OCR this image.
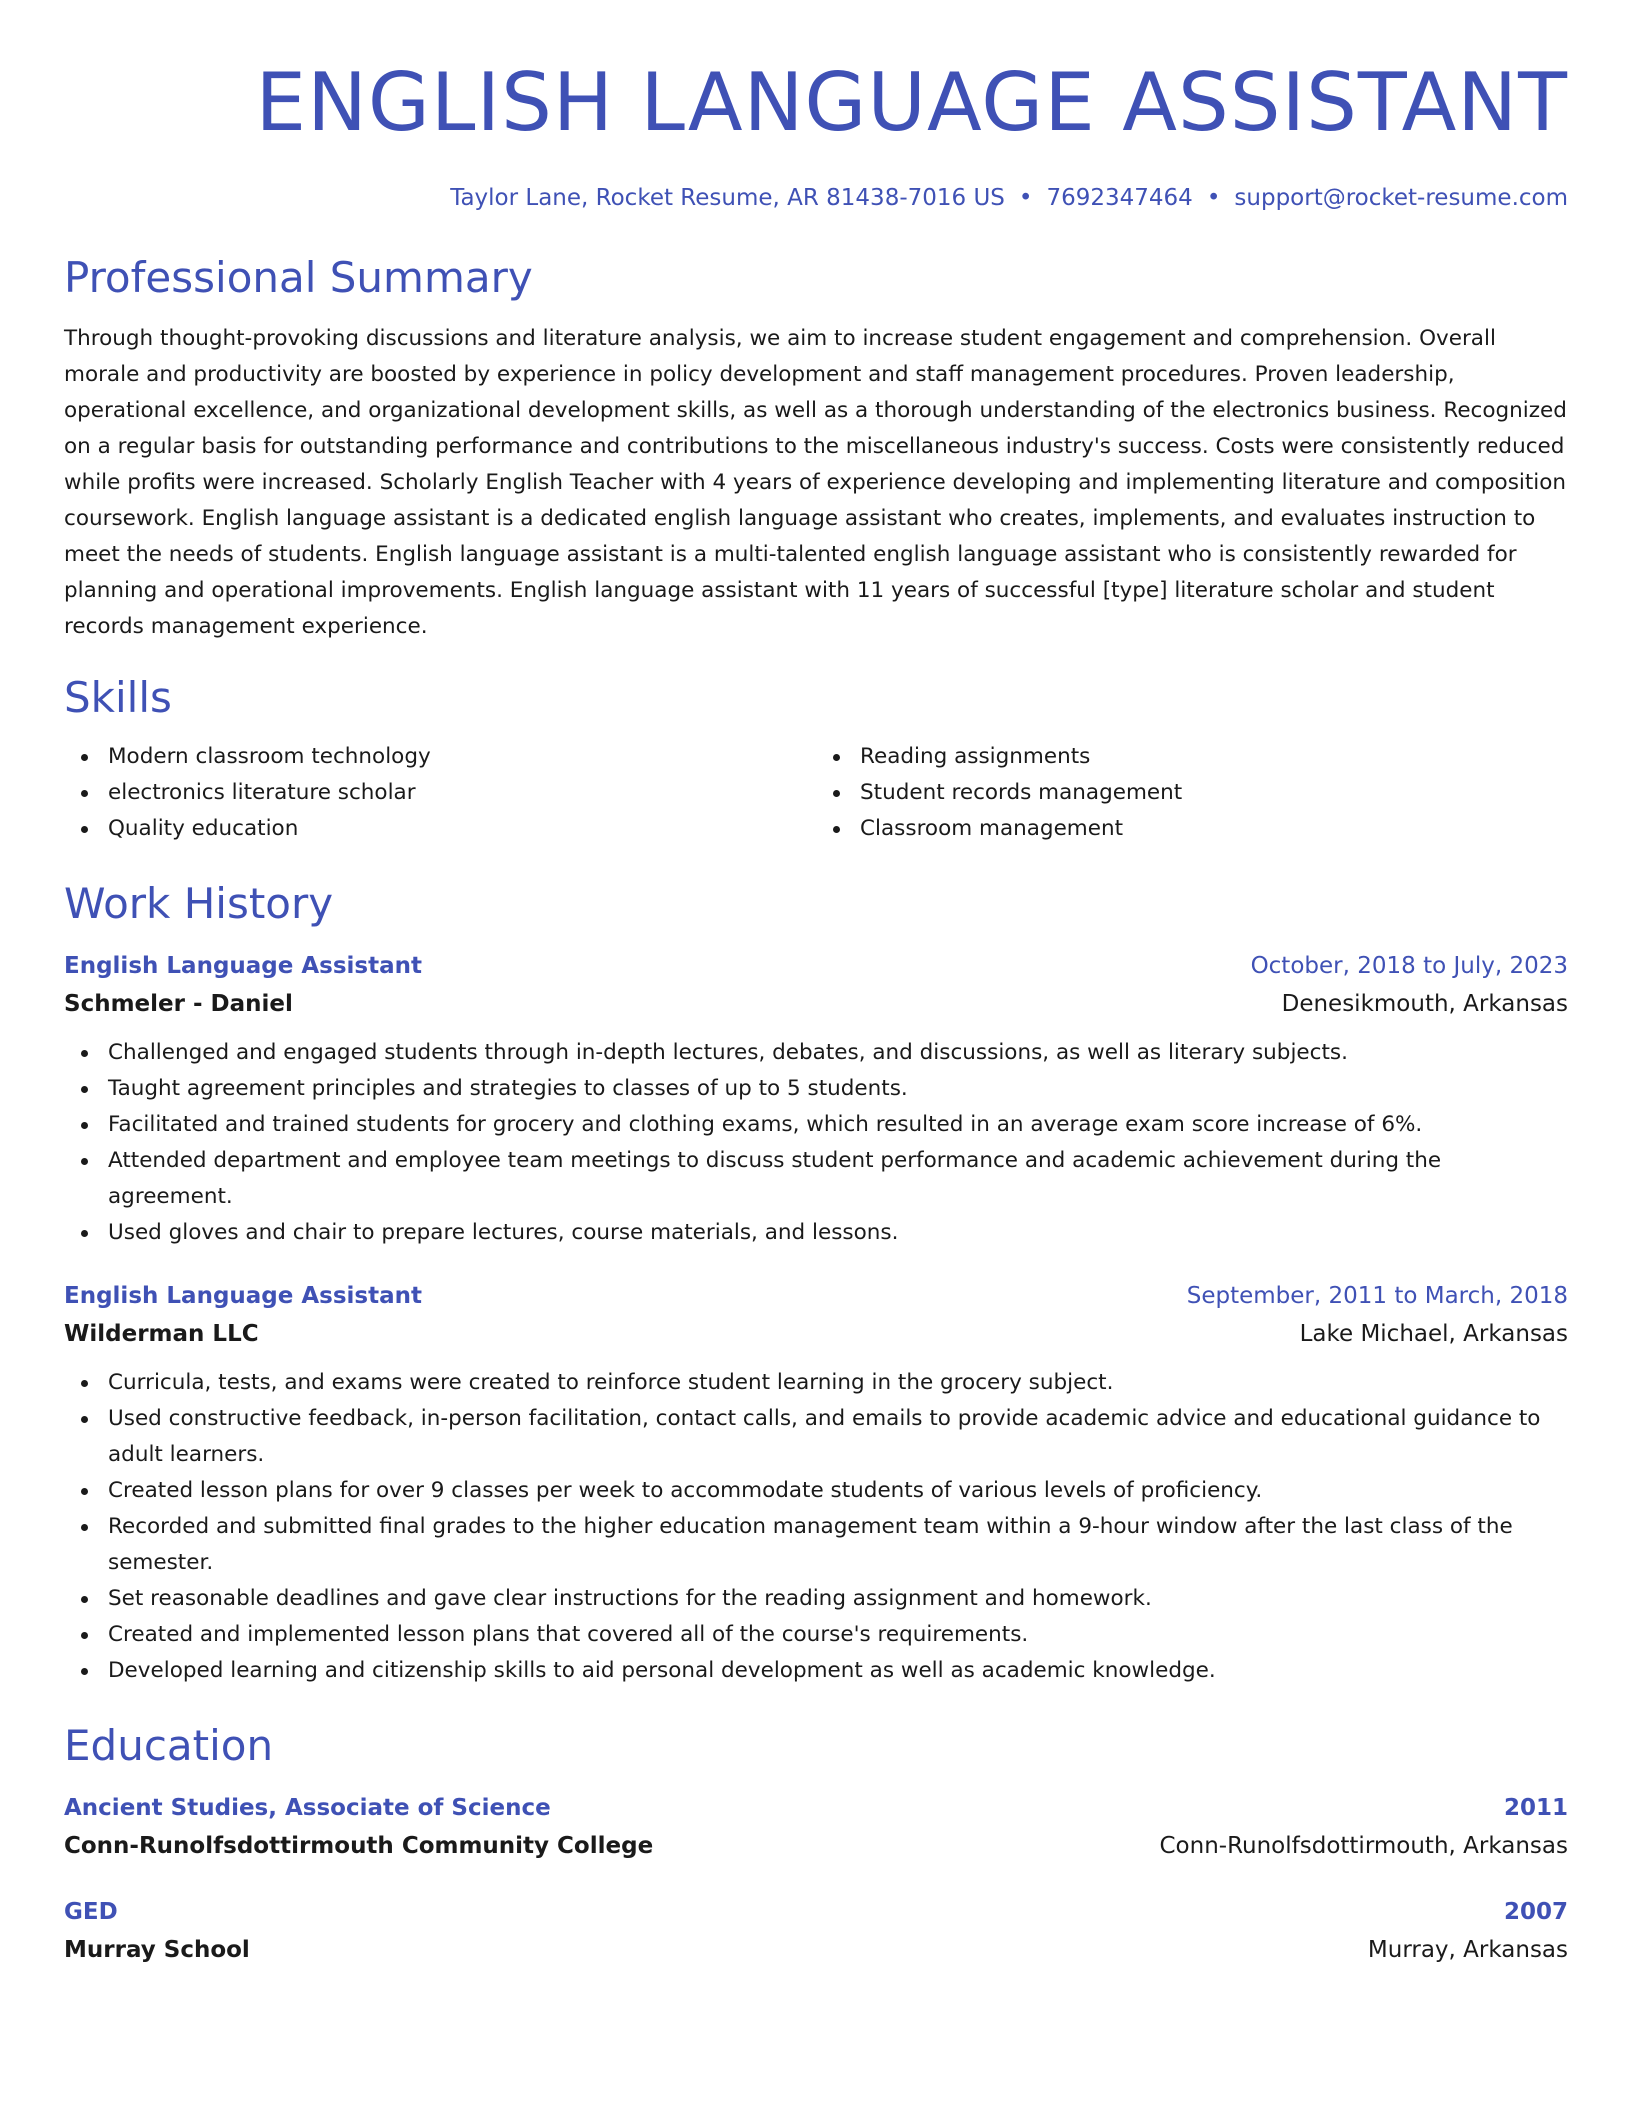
ENGLISH LANGUAGE ASSISTANT
Taylor Lane, Rocket Resume, AR 81438-7016 US • 7692347464 • support@rocket-resume.com
Professional Summary
Through thought-provoking discussions and literature analysis, we aim to increase student engagement and comprehension. Overall morale and productivity are boosted by experience in policy development and staff management procedures. Proven leadership, operational excellence, and organizational development skills, as well as a thorough understanding of the electronics business. Recognized on a regular basis for outstanding performance and contributions to the miscellaneous industry's success. Costs were consistently reduced while profits were increased. Scholarly English Teacher with 4 years of experience developing and implementing literature and composition coursework. English language assistant is a dedicated english language assistant who creates, implements, and evaluates instruction to meet the needs of students. English language assistant is a multi-talented english language assistant who is consistently rewarded for planning and operational improvements. English language assistant with 11 years of successful [type] literature scholar and student records management experience.
Skills
Modern classroom technology
electronics literature scholar
Quality education
Reading assignments
Student records management
Classroom management
Work History
English Language Assistant	October, 2018 to July, 2023
Schmeler - Daniel	Denesikmouth, Arkansas
Challenged and engaged students through in-depth lectures, debates, and discussions, as well as literary subjects.
Taught agreement principles and strategies to classes of up to 5 students.
Facilitated and trained students for grocery and clothing exams, which resulted in an average exam score increase of 6%.
Attended department and employee team meetings to discuss student performance and academic achievement during the agreement.
Used gloves and chair to prepare lectures, course materials, and lessons.
English Language Assistant	September, 2011 to March, 2018
Wilderman LLC	Lake Michael, Arkansas
Curricula, tests, and exams were created to reinforce student learning in the grocery subject.
Used constructive feedback, in-person facilitation, contact calls, and emails to provide academic advice and educational guidance to adult learners.
Created lesson plans for over 9 classes per week to accommodate students of various levels of proficiency.
Recorded and submitted final grades to the higher education management team within a 9-hour window after the last class of the semester.
Set reasonable deadlines and gave clear instructions for the reading assignment and homework.
Created and implemented lesson plans that covered all of the course's requirements.
Developed learning and citizenship skills to aid personal development as well as academic knowledge.
Education
Ancient Studies, Associate of Science	2011
Conn-Runolfsdottirmouth Community College	Conn-Runolfsdottirmouth, Arkansas
GED	2007
Murray School	Murray, Arkansas
